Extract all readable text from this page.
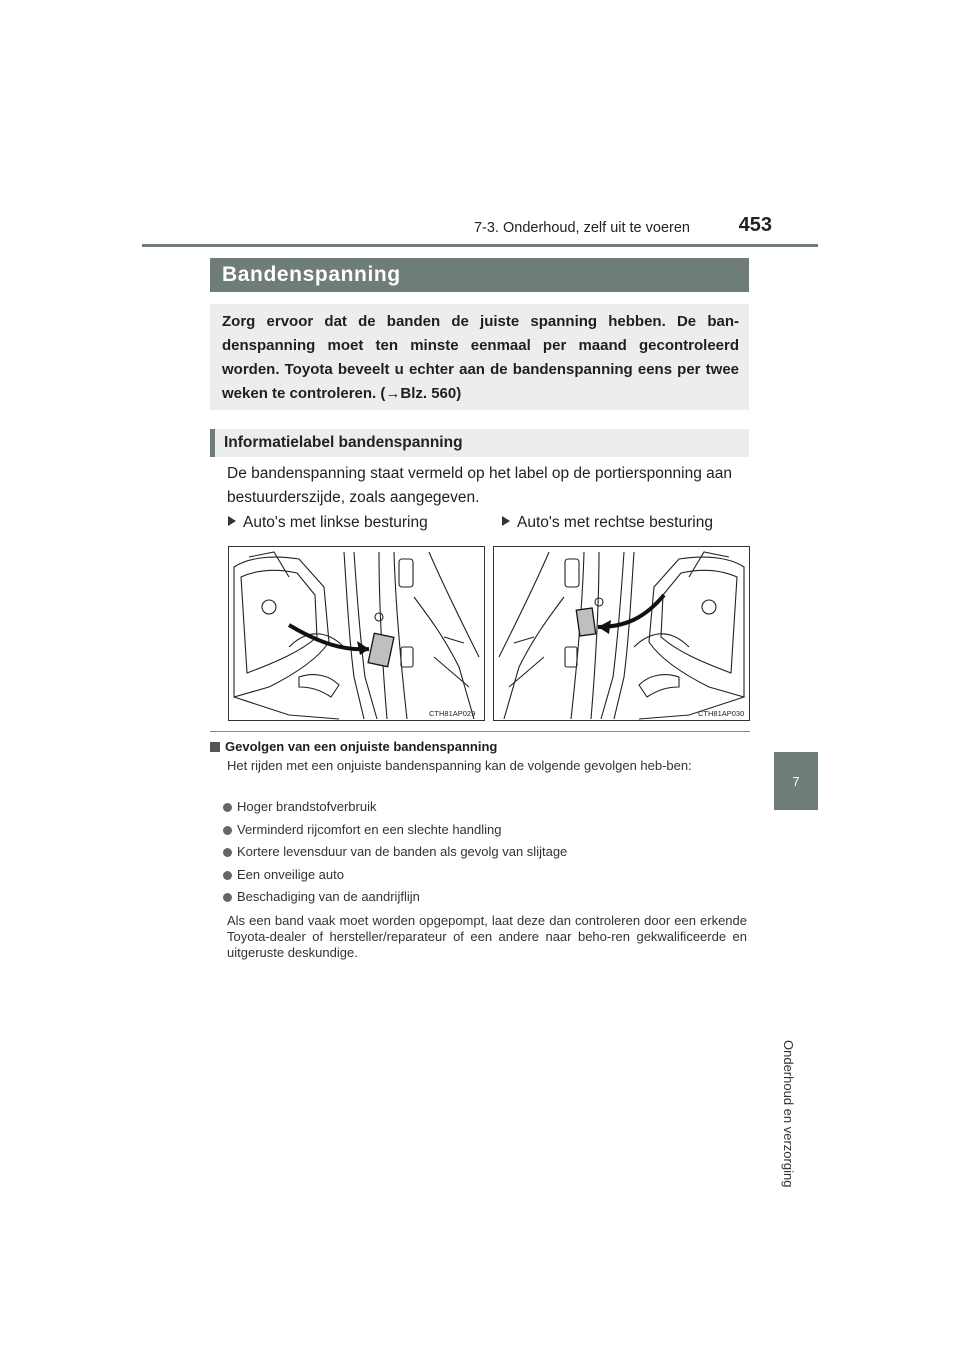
7-3. Onderhoud, zelf uit te voeren	453
7
Onderhoud en verzorging
Bandenspanning
Zorg ervoor dat de banden de juiste spanning hebben. De ban-denspanning moet ten minste eenmaal per maand gecontroleerd worden. Toyota beveelt u echter aan de bandenspanning eens per twee weken te controleren. (→Blz. 560)
Informatielabel bandenspanning
De bandenspanning staat vermeld op het label op de portiersponning aan bestuurderszijde, zoals aangegeven.
Auto's met linkse besturing	Auto's met rechtse besturing
CTH81AP029	CTH81AP030
Gevolgen van een onjuiste bandenspanning
Het rijden met een onjuiste bandenspanning kan de volgende gevolgen heb-ben:
Hoger brandstofverbruik
Verminderd rijcomfort en een slechte handling
Kortere levensduur van de banden als gevolg van slijtage
Een onveilige auto
Beschadiging van de aandrijflijn
Als een band vaak moet worden opgepompt, laat deze dan controleren door een erkende Toyota-dealer of hersteller/reparateur of een andere naar beho-ren gekwalificeerde en uitgeruste deskundige.
